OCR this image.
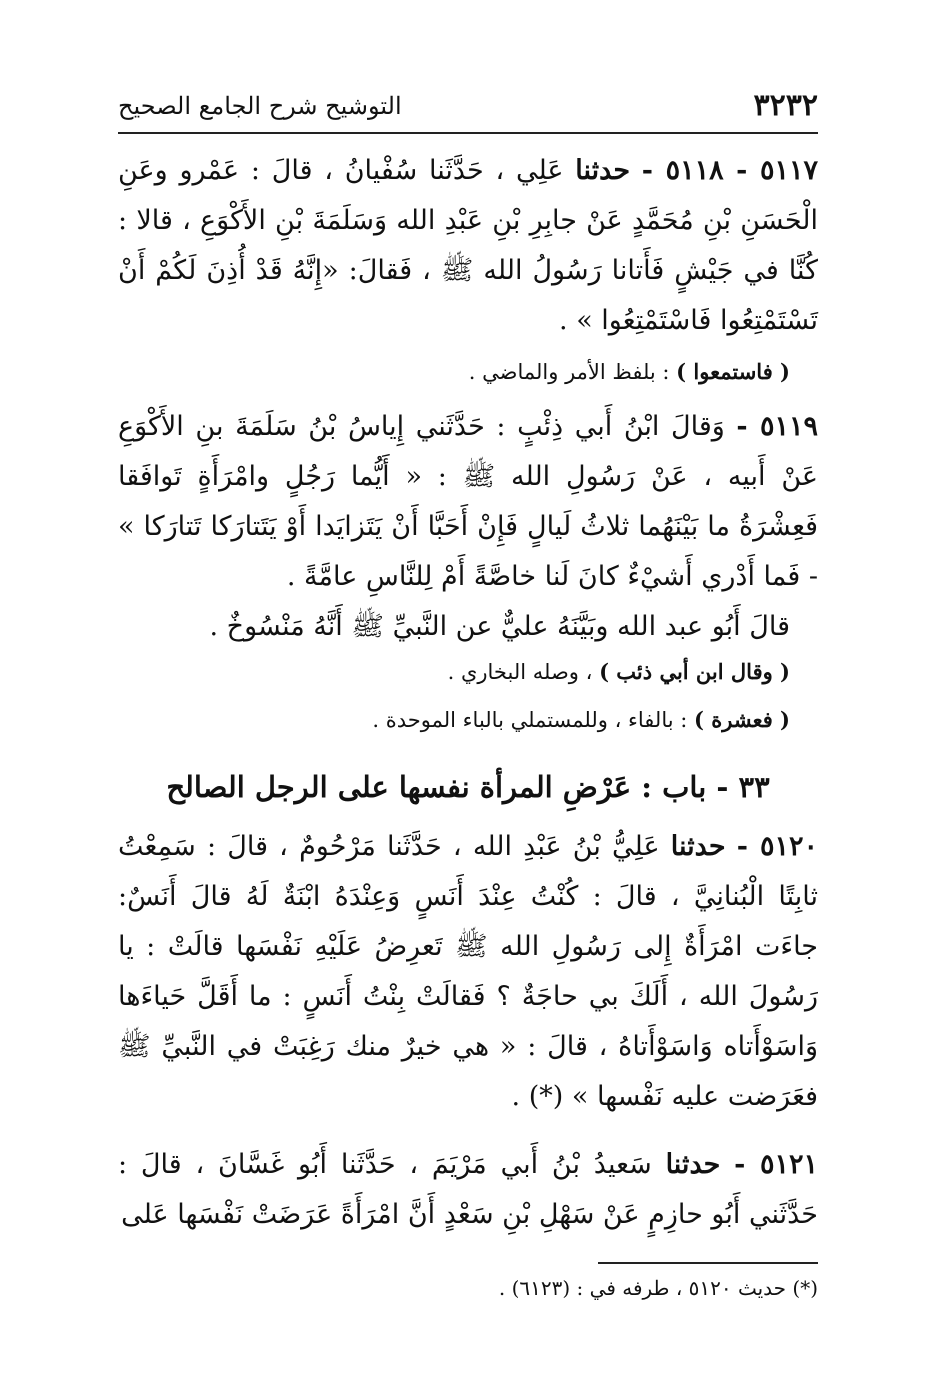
٣٢٣٢
التوشيح شرح الجامع الصحيح

٥١١٧ - ٥١١٨ - حدثنا عَلِي ، حَدَّثَنا سُفْيانُ ، قالَ : عَمْرو وعَنِ الْحَسَنِ بْنِ مُحَمَّدٍ عَنْ جابِرِ بْنِ عَبْدِ الله وَسَلَمَةَ بْنِ الأَكْوَعِ ، قالا : كُنَّا في جَيْشٍ فَأَتانا رَسُولُ الله ﷺ ، فَقالَ: «إِنَّهُ قَدْ أُذِنَ لَكُمْ أَنْ تَسْتَمْتِعُوا فَاسْتَمْتِعُوا » .

( فاستمعوا ) : بلفظ الأمر والماضي .

٥١١٩ - وَقالَ ابْنُ أَبي ذِئْبٍ : حَدَّثَني إِياسُ بْنُ سَلَمَةَ بنِ الأَكْوَعِ عَنْ أَبيه ، عَنْ رَسُولِ الله ﷺ : « أَيُّما رَجُلٍ وامْرَأَةٍ تَوافَقا فَعِشْرَةُ ما بَيْنَهُما ثلاثُ لَيالٍ فَإِنْ أَحَبَّا أَنْ يَتَزايَدا أَوْ يَتَتارَكا تَتارَكا » - فَما أَدْري أَشيْءٌ كانَ لَنا خاصَّةً أَمْ لِلنَّاسِ عامَّةً .

قالَ أَبُو عبد الله وبَيَّنَهُ عليٌّ عن النَّبيِّ ﷺ أَنَّهُ مَنْسُوخٌ .

( وقال ابن أبي ذئب ) ، وصله البخاري .

( فعشرة ) : بالفاء ، وللمستملي بالباء الموحدة .

٣٣ - باب : عَرْضِ المرأة نفسها على الرجل الصالح

٥١٢٠ - حدثنا عَلِيُّ بْنُ عَبْدِ الله ، حَدَّثَنا مَرْحُومٌ ، قالَ : سَمِعْتُ ثابِتًا الْبُنانِيَّ ، قالَ : كُنْتُ عِنْدَ أَنَسٍ وَعِنْدَهُ ابْنَةٌ لَهُ قالَ أَنَسٌ: جاءَت امْرَأَةٌ إِلى رَسُولِ الله ﷺ تَعرِضُ عَلَيْهِ نَفْسَها قالَتْ : يا رَسُولَ الله ، أَلَكَ بي حاجَةٌ ؟ فَقالَتْ بِنْتُ أَنَسٍ : ما أَقَلَّ حَياءَها وَاسَوْأَتاه وَاسَوْأَتاهُ ، قالَ : « هي خيرٌ منك رَغِبَتْ في النَّبيِّ ﷺ فعَرَضت عليه نَفْسها » (*) .

٥١٢١ - حدثنا سَعيدُ بْنُ أَبي مَرْيَمَ ، حَدَّثَنا أَبُو غَسَّانَ ، قالَ : حَدَّثَني أَبُو حازِمٍ عَنْ سَهْلِ بْنِ سَعْدٍ أَنَّ امْرَأَةً عَرَضَتْ نَفْسَها عَلى

(*) حديث ٥١٢٠ ، طرفه في : (٦١٢٣) .
